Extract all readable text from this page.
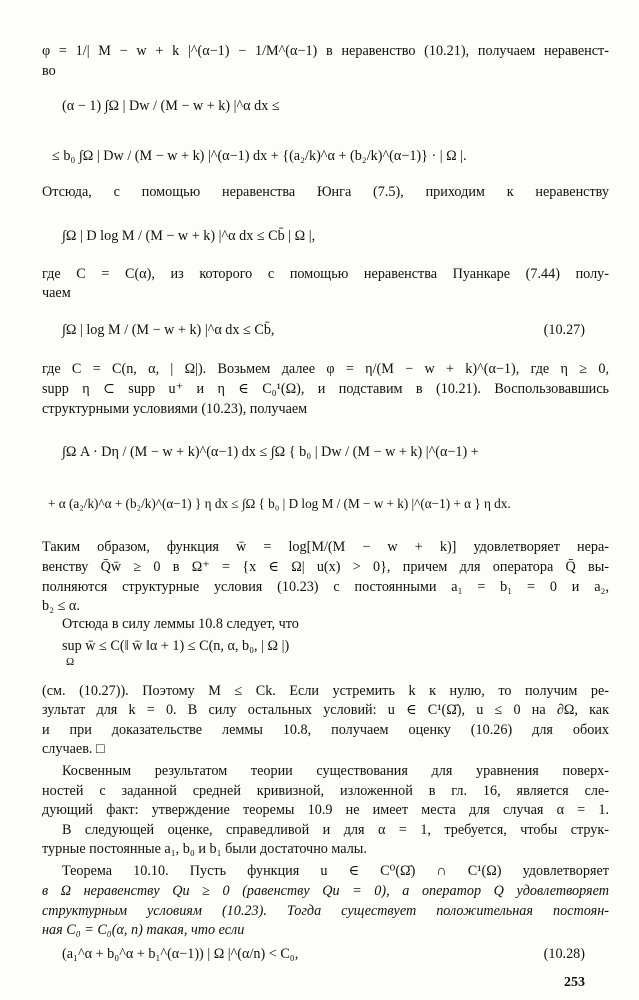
φ = 1/| M − w + k |^(α−1) − 1/M^(α−1) в неравенство (10.21), получаем неравенст-
во
(α − 1) ∫Ω | Dw / (M − w + k) |^α dx ≤
≤ b₀ ∫Ω | Dw / (M − w + k) |^(α−1) dx + {(a₂/k)^α + (b₂/k)^(α−1)} · | Ω |.
Отсюда, с помощью неравенства Юнга (7.5), приходим к неравенству
∫Ω | D log M / (M − w + k) |^α dx ≤ Cb̄ | Ω |,
где C = C(α), из которого с помощью неравенства Пуанкаре (7.44) полу-
чаем
∫Ω | log M / (M − w + k) |^α dx ≤ Cb̄,	(10.27)
где C = C(n, α, | Ω|). Возьмем далее φ = η/(M − w + k)^(α−1), где η ≥ 0,
supp η ⊂ supp u⁺ и η ∈ C₀¹(Ω), и подставим в (10.21). Воспользовавшись
структурными условиями (10.23), получаем
∫Ω A · Dη / (M − w + k)^(α−1) dx ≤ ∫Ω { b₀ | Dw / (M − w + k) |^(α−1) +
+ α (a₂/k)^α + (b₂/k)^(α−1) } η dx ≤ ∫Ω { b₀ | D log M / (M − w + k) |^(α−1) + α } η dx.
Таким образом, функция w̄ = log[M/(M − w + k)] удовлетворяет нера-
венству Q̄w̄ ≥ 0 в Ω⁺ = {x ∈ Ω| u(x) > 0}, причем для оператора Q̄ вы-
полняются структурные условия (10.23) с постоянными a₁ = b₁ = 0 и a₂,
b₂ ≤ α.
Отсюда в силу леммы 10.8 следует, что
sup w̄ ≤ C(‖ w̄ ‖α + 1) ≤ C(n, α, b₀, | Ω |)
Ω
(см. (10.27)). Поэтому M ≤ Ck. Если устремить k к нулю, то получим ре-
зультат для k = 0. В силу остальных условий: u ∈ C¹(Ω̄), u ≤ 0 на ∂Ω, как
и при доказательстве леммы 10.8, получаем оценку (10.26) для обоих
случаев. □
Косвенным результатом теории существования для уравнения поверх-
ностей с заданной средней кривизной, изложенной в гл. 16, является сле-
дующий факт: утверждение теоремы 10.9 не имеет места для случая α = 1.
В следующей оценке, справедливой и для α = 1, требуется, чтобы струк-
турные постоянные a₁, b₀ и b₁ были достаточно малы.
Теорема 10.10. Пусть функция u ∈ C⁰(Ω̄) ∩ C¹(Ω) удовлетворяет
в Ω неравенству Qu ≥ 0 (равенству Qu = 0), а оператор Q удовлетворяет
структурным условиям (10.23). Тогда существует положительная постоян-
ная C₀ = C₀(α, n) такая, что если
(a₁^α + b₀^α + b₁^(α−1)) | Ω |^(α/n) < C₀,	(10.28)
253
